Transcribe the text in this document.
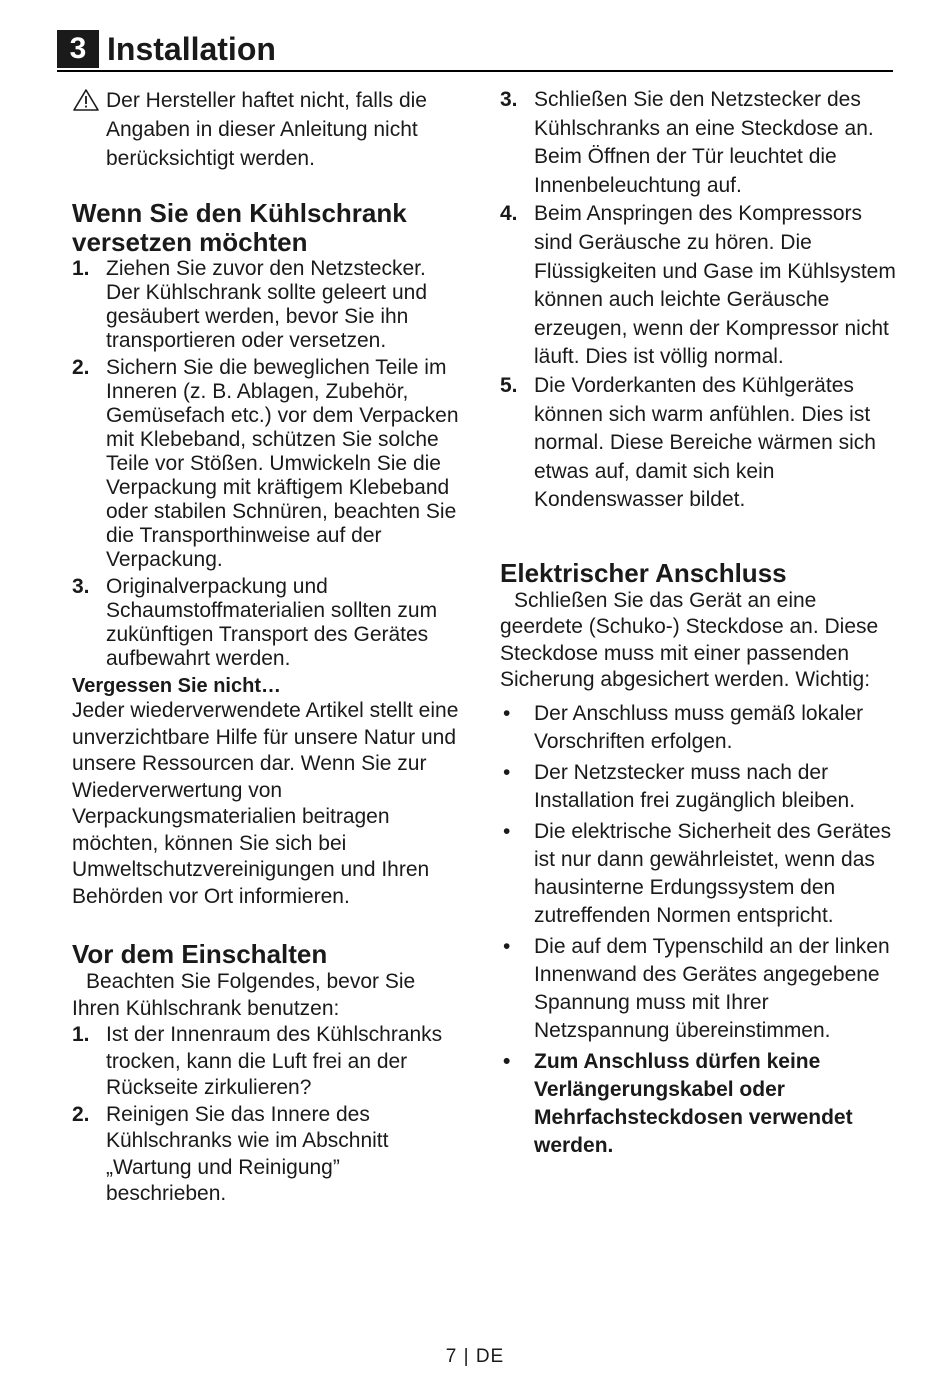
3 Installation
Der Hersteller haftet nicht, falls die Angaben in dieser Anleitung nicht berücksichtigt werden.
Wenn Sie den Kühlschrank versetzen möchten
1. Ziehen Sie zuvor den Netzstecker. Der Kühlschrank sollte geleert und gesäubert werden, bevor Sie ihn transportieren oder versetzen.
2. Sichern Sie die beweglichen Teile im Inneren (z. B. Ablagen, Zubehör, Gemüsefach etc.) vor dem Verpacken mit Klebeband, schützen Sie solche Teile vor Stößen. Umwickeln Sie die Verpackung mit kräftigem Klebeband oder stabilen Schnüren, beachten Sie die Transporthinweise auf der Verpackung.
3. Originalverpackung und Schaumstoffmaterialien sollten zum zukünftigen Transport des Gerätes aufbewahrt werden.
Vergessen Sie nicht…

Jeder wiederverwendete Artikel stellt eine unverzichtbare Hilfe für unsere Natur und unsere Ressourcen dar. Wenn Sie zur Wiederverwertung von Verpackungsmaterialien beitragen möchten, können Sie sich bei Umweltschutzvereinigungen und Ihren Behörden vor Ort informieren.

Vor dem Einschalten

Beachten Sie Folgendes, bevor Sie Ihren Kühlschrank benutzen:

1. Ist der Innenraum des Kühlschranks trocken, kann die Luft frei an der Rückseite zirkulieren?
2. Reinigen Sie das Innere des Kühlschranks wie im Abschnitt „Wartung und Reinigung” beschrieben.
3. Schließen Sie den Netzstecker des Kühlschranks an eine Steckdose an. Beim Öffnen der Tür leuchtet die Innenbeleuchtung auf.
4. Beim Anspringen des Kompressors sind Geräusche zu hören. Die Flüssigkeiten und Gase im Kühlsystem können auch leichte Geräusche erzeugen, wenn der Kompressor nicht läuft. Dies ist völlig normal.
5. Die Vorderkanten des Kühlgerätes können sich warm anfühlen. Dies ist normal. Diese Bereiche wärmen sich etwas auf, damit sich kein Kondenswasser bildet.
Elektrischer Anschluss

Schließen Sie das Gerät an eine geerdete (Schuko-) Steckdose an. Diese Steckdose muss mit einer passenden Sicherung abgesichert werden. Wichtig:

• Der Anschluss muss gemäß lokaler Vorschriften erfolgen.
• Der Netzstecker muss nach der Installation frei zugänglich bleiben.
• Die elektrische Sicherheit des Gerätes ist nur dann gewährleistet, wenn das hausinterne Erdungssystem den zutreffenden Normen entspricht.
• Die auf dem Typenschild an der linken Innenwand des Gerätes angegebene Spannung muss mit Ihrer Netzspannung übereinstimmen.
• Zum Anschluss dürfen keine Verlängerungskabel oder Mehrfachsteckdosen verwendet werden.
7 | DE
